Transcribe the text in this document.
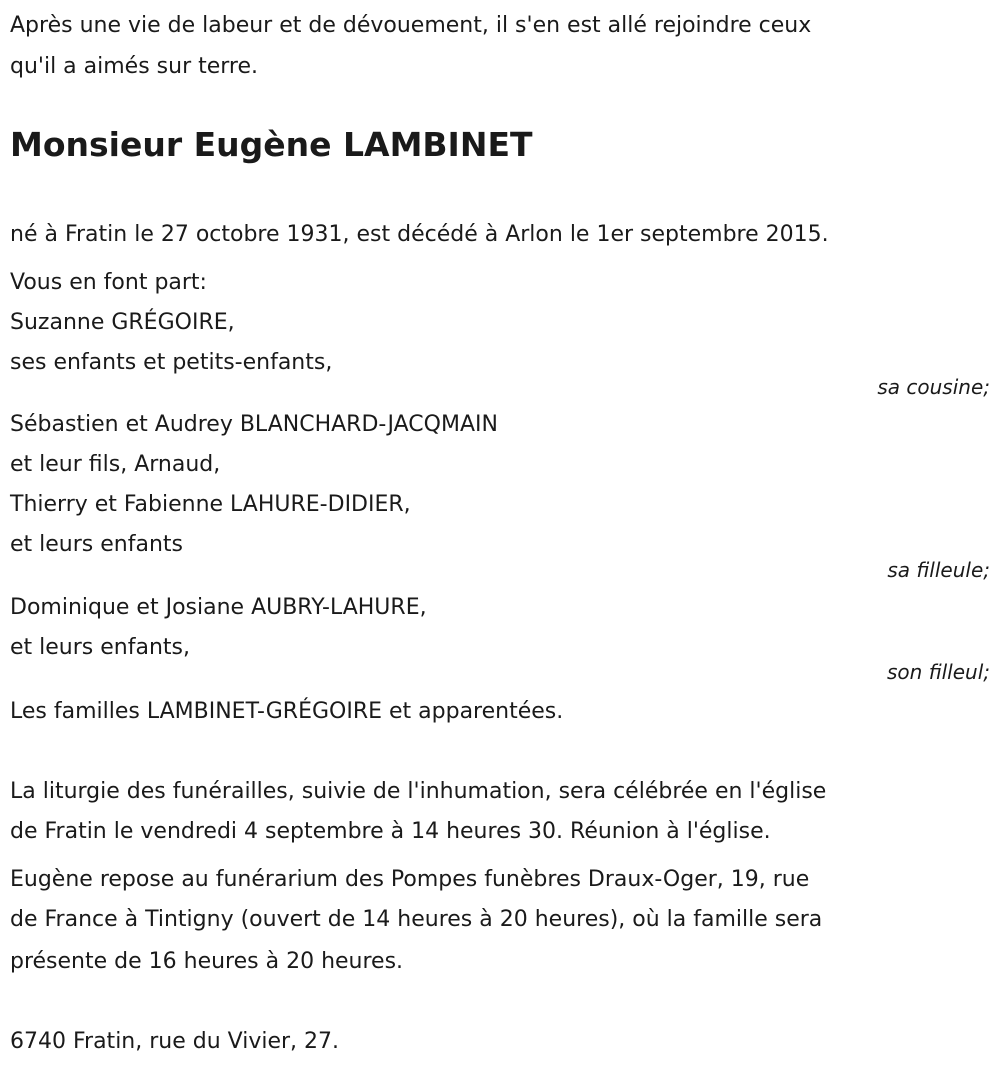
Après une vie de labeur et de dévouement, il s'en est allé rejoindre ceux
qu'il a aimés sur terre.
Monsieur Eugène LAMBINET
né à Fratin le 27 octobre 1931, est décédé à Arlon le 1er septembre 2015.
Vous en font part:
Suzanne GRÉGOIRE,
ses enfants et petits-enfants,
sa cousine;
Sébastien et Audrey BLANCHARD-JACQMAIN
et leur fils, Arnaud,
Thierry et Fabienne LAHURE-DIDIER,
et leurs enfants
sa filleule;
Dominique et Josiane AUBRY-LAHURE,
et leurs enfants,
son filleul;
Les familles LAMBINET-GRÉGOIRE et apparentées.
La liturgie des funérailles, suivie de l'inhumation, sera célébrée en l'église
de Fratin le vendredi 4 septembre à 14 heures 30. Réunion à l'église.
Eugène repose au funérarium des Pompes funèbres Draux-Oger, 19, rue
de France à Tintigny (ouvert de 14 heures à 20 heures), où la famille sera
présente de 16 heures à 20 heures.
6740 Fratin, rue du Vivier, 27.
